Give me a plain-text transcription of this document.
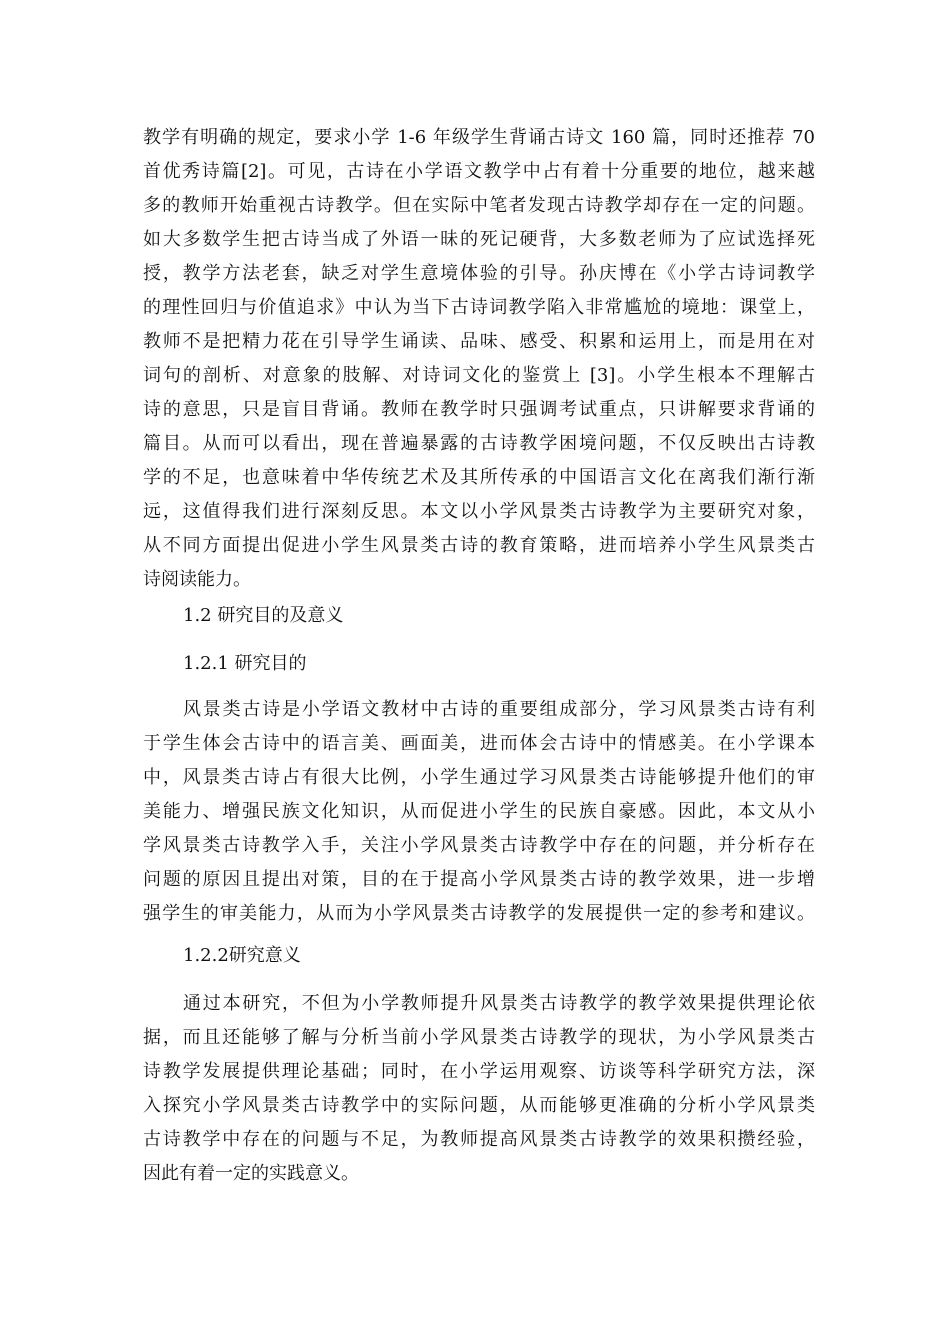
教学有明确的规定，要求小学 1-6 年级学生背诵古诗文 160 篇，同时还推荐 70
首优秀诗篇[2]。可见，古诗在小学语文教学中占有着十分重要的地位，越来越
多的教师开始重视古诗教学。但在实际中笔者发现古诗教学却存在一定的问题。
如大多数学生把古诗当成了外语一昧的死记硬背，大多数老师为了应试选择死
授，教学方法老套，缺乏对学生意境体验的引导。孙庆博在《小学古诗词教学
的理性回归与价值追求》中认为当下古诗词教学陷入非常尴尬的境地：课堂上，
教师不是把精力花在引导学生诵读、品味、感受、积累和运用上，而是用在对
词句的剖析、对意象的肢解、对诗词文化的鉴赏上 [3]。小学生根本不理解古
诗的意思，只是盲目背诵。教师在教学时只强调考试重点，只讲解要求背诵的
篇目。从而可以看出，现在普遍暴露的古诗教学困境问题，不仅反映出古诗教
学的不足，也意味着中华传统艺术及其所传承的中国语言文化在离我们渐行渐
远，这值得我们进行深刻反思。本文以小学风景类古诗教学为主要研究对象，
从不同方面提出促进小学生风景类古诗的教育策略，进而培养小学生风景类古
诗阅读能力。
1.2 研究目的及意义
1.2.1 研究目的
风景类古诗是小学语文教材中古诗的重要组成部分，学习风景类古诗有利
于学生体会古诗中的语言美、画面美，进而体会古诗中的情感美。在小学课本
中，风景类古诗占有很大比例，小学生通过学习风景类古诗能够提升他们的审
美能力、增强民族文化知识，从而促进小学生的民族自豪感。因此，本文从小
学风景类古诗教学入手，关注小学风景类古诗教学中存在的问题，并分析存在
问题的原因且提出对策，目的在于提高小学风景类古诗的教学效果，进一步增
强学生的审美能力，从而为小学风景类古诗教学的发展提供一定的参考和建议。
1.2.2研究意义
通过本研究，不但为小学教师提升风景类古诗教学的教学效果提供理论依
据，而且还能够了解与分析当前小学风景类古诗教学的现状，为小学风景类古
诗教学发展提供理论基础；同时，在小学运用观察、访谈等科学研究方法，深
入探究小学风景类古诗教学中的实际问题，从而能够更准确的分析小学风景类
古诗教学中存在的问题与不足，为教师提高风景类古诗教学的效果积攒经验，
因此有着一定的实践意义。
